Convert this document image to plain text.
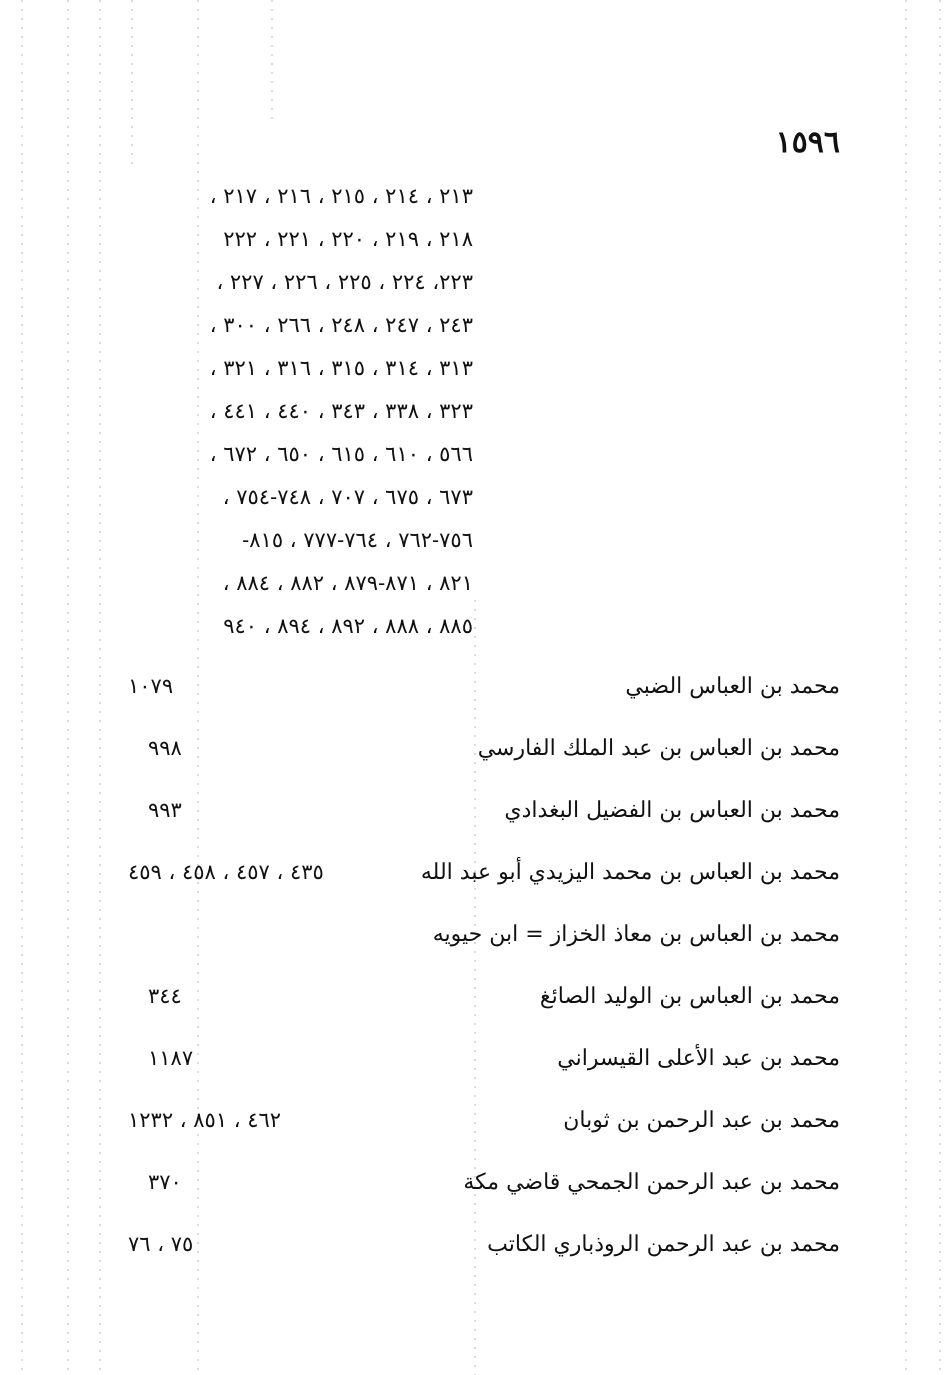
١٥٩٦
٢١٣ ، ٢١٤ ، ٢١٥ ، ٢١٦ ، ٢١٧ ،
٢١٨ ، ٢١٩ ، ٢٢٠ ، ٢٢١ ، ٢٢٢
٢٢٣، ٢٢٤ ، ٢٢٥ ، ٢٢٦ ، ٢٢٧ ،
٢٤٣ ، ٢٤٧ ، ٢٤٨ ، ٢٦٦ ، ٣٠٠ ،
٣١٣ ، ٣١٤ ، ٣١٥ ، ٣١٦ ، ٣٢١ ،
٣٢٣ ، ٣٣٨ ، ٣٤٣ ، ٤٤٠ ، ٤٤١ ،
٥٦٦ ، ٦١٠ ، ٦١٥ ، ٦٥٠ ، ٦٧٢ ،
٦٧٣ ، ٦٧٥ ، ٧٠٧ ، ٧٤٨-٧٥٤ ،
٧٥٦-٧٦٢ ، ٧٦٤-٧٧٧ ، ٨١٥-
٨٢١ ، ٨٧١-٨٧٩ ، ٨٨٢ ، ٨٨٤ ،
٨٨٥ ، ٨٨٨ ، ٨٩٢ ، ٨٩٤ ، ٩٤٠
محمد بن العباس الضبي
١٠٧٩
محمد بن العباس بن عبد الملك الفارسي
٩٩٨
محمد بن العباس بن الفضيل البغدادي
٩٩٣
محمد بن العباس بن محمد اليزيدي أبو عبد الله
٤٣٥ ، ٤٥٧ ، ٤٥٨ ، ٤٥٩
محمد بن العباس بن معاذ الخزاز = ابن حيويه
محمد بن العباس بن الوليد الصائغ
٣٤٤
محمد بن عبد الأعلى القيسراني
١١٨٧
محمد بن عبد الرحمن بن ثوبان
٤٦٢ ، ٨٥١ ، ١٢٣٢
محمد بن عبد الرحمن الجمحي قاضي مكة
٣٧٠
محمد بن عبد الرحمن الروذباري الكاتب
٧٥ ، ٧٦
